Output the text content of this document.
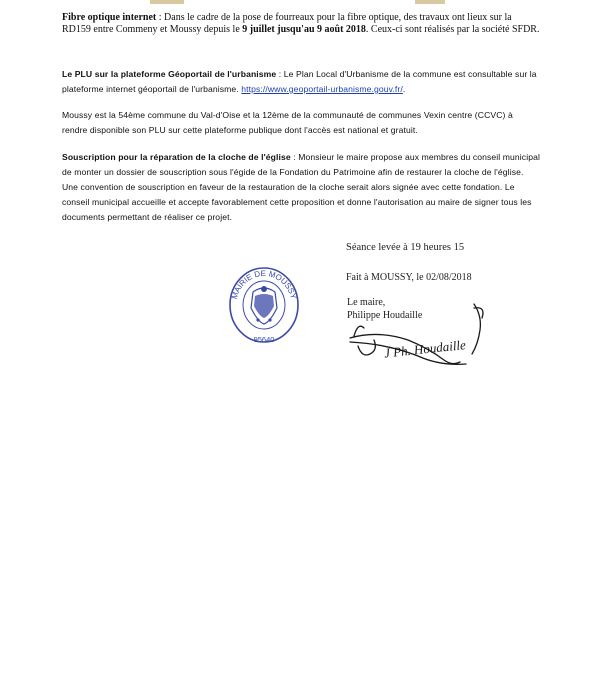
Fibre optique internet : Dans le cadre de la pose de fourreaux pour la fibre optique, des travaux ont lieux sur la RD159 entre Commeny et Moussy depuis le 9 juillet jusqu'au 9 août 2018. Ceux-ci sont réalisés par la société SFDR.
Le PLU sur la plateforme Géoportail de l'urbanisme : Le Plan Local d'Urbanisme de la commune est consultable sur la plateforme internet géoportail de l'urbanisme. https://www.geoportail-urbanisme.gouv.fr/.
Moussy est la 54ème commune du Val-d'Oise et la 12ème de la communauté de communes Vexin centre (CCVC) à rendre disponible son PLU sur cette plateforme publique dont l'accès est national et gratuit.
Souscription pour la réparation de la cloche de l'église : Monsieur le maire propose aux membres du conseil municipal de monter un dossier de souscription sous l'égide de la Fondation du Patrimoine afin de restaurer la cloche de l'église. Une convention de souscription en faveur de la restauration de la cloche serait alors signée avec cette fondation. Le conseil municipal accueille et accepte favorablement cette proposition et donne l'autorisation au maire de signer tous les documents permettant de réaliser ce projet.
Séance levée à 19 heures 15
Fait à MOUSSY, le 02/08/2018
Le maire,
Philippe Houdaille
MAIRIE DE MOUSSY
95640	J Ph. Houdaille
